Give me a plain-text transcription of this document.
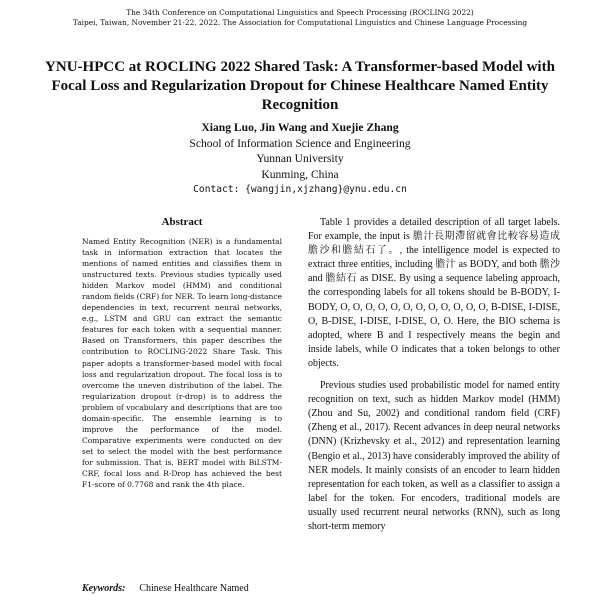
The 34th Conference on Computational Linguistics and Speech Processing (ROCLING 2022)
Taipei, Taiwan, November 21-22, 2022. The Association for Computational Linguistics and Chinese Language Processing
YNU-HPCC at ROCLING 2022 Shared Task: A Transformer-based Model with Focal Loss and Regularization Dropout for Chinese Healthcare Named Entity Recognition
Xiang Luo, Jin Wang and Xuejie Zhang
School of Information Science and Engineering
Yunnan University
Kunming, China
Contact: {wangjin,xjzhang}@ynu.edu.cn
Abstract
Named Entity Recognition (NER) is a fundamental task in information extraction that locates the mentions of named entities and classifies them in unstructured texts. Previous studies typically used hidden Markov model (HMM) and conditional random fields (CRF) for NER. To learn long-distance dependencies in text, recurrent neural networks, e.g., LSTM and GRU can extract the semantic features for each token with a sequential manner. Based on Transformers, this paper describes the contribution to ROCLING-2022 Share Task. This paper adopts a transformer-based model with focal loss and regularization dropout. The focal loss is to overcome the uneven distribution of the label. The regularization dropout (r-drop) is to address the problem of vocabulary and descriptions that are too domain-specific. The ensemble learning is to improve the performance of the model. Comparative experiments were conducted on dev set to select the model with the best performance for submission. That is, BERT model with BiLSTM-CRF, focal loss and R-Drop has achieved the best F1-score of 0.7768 and rank the 4th place.
Keywords: Chinese Healthcare Named
Table 1 provides a detailed description of all target labels. For example, the input is 膽汁長期滯留就會比較容易造成膽沙和膽結石了。, the intelligence model is expected to extract three entities, including 膽汁 as BODY, and both 膽沙 and 膽結石 as DISE. By using a sequence labeling approach, the corresponding labels for all tokens should be B-BODY, I-BODY, O, O, O, O, O, O, O, O, O, O, O, O, B-DISE, I-DISE, O, B-DISE, I-DISE, I-DISE, O, O. Here, the BIO schema is adopted, where B and I respectively means the begin and inside labels, while O indicates that a token belongs to other objects.
Previous studies used probabilistic model for named entity recognition on text, such as hidden Markov model (HMM) (Zhou and Su, 2002) and conditional random field (CRF) (Zheng et al., 2017). Recent advances in deep neural networks (DNN) (Krizhevsky et al., 2012) and representation learning (Bengio et al., 2013) have considerably improved the ability of NER models. It mainly consists of an encoder to learn hidden representation for each token, as well as a classifier to assign a label for the token. For encoders, traditional models are usually used recurrent neural networks (RNN), such as long short-term memory
